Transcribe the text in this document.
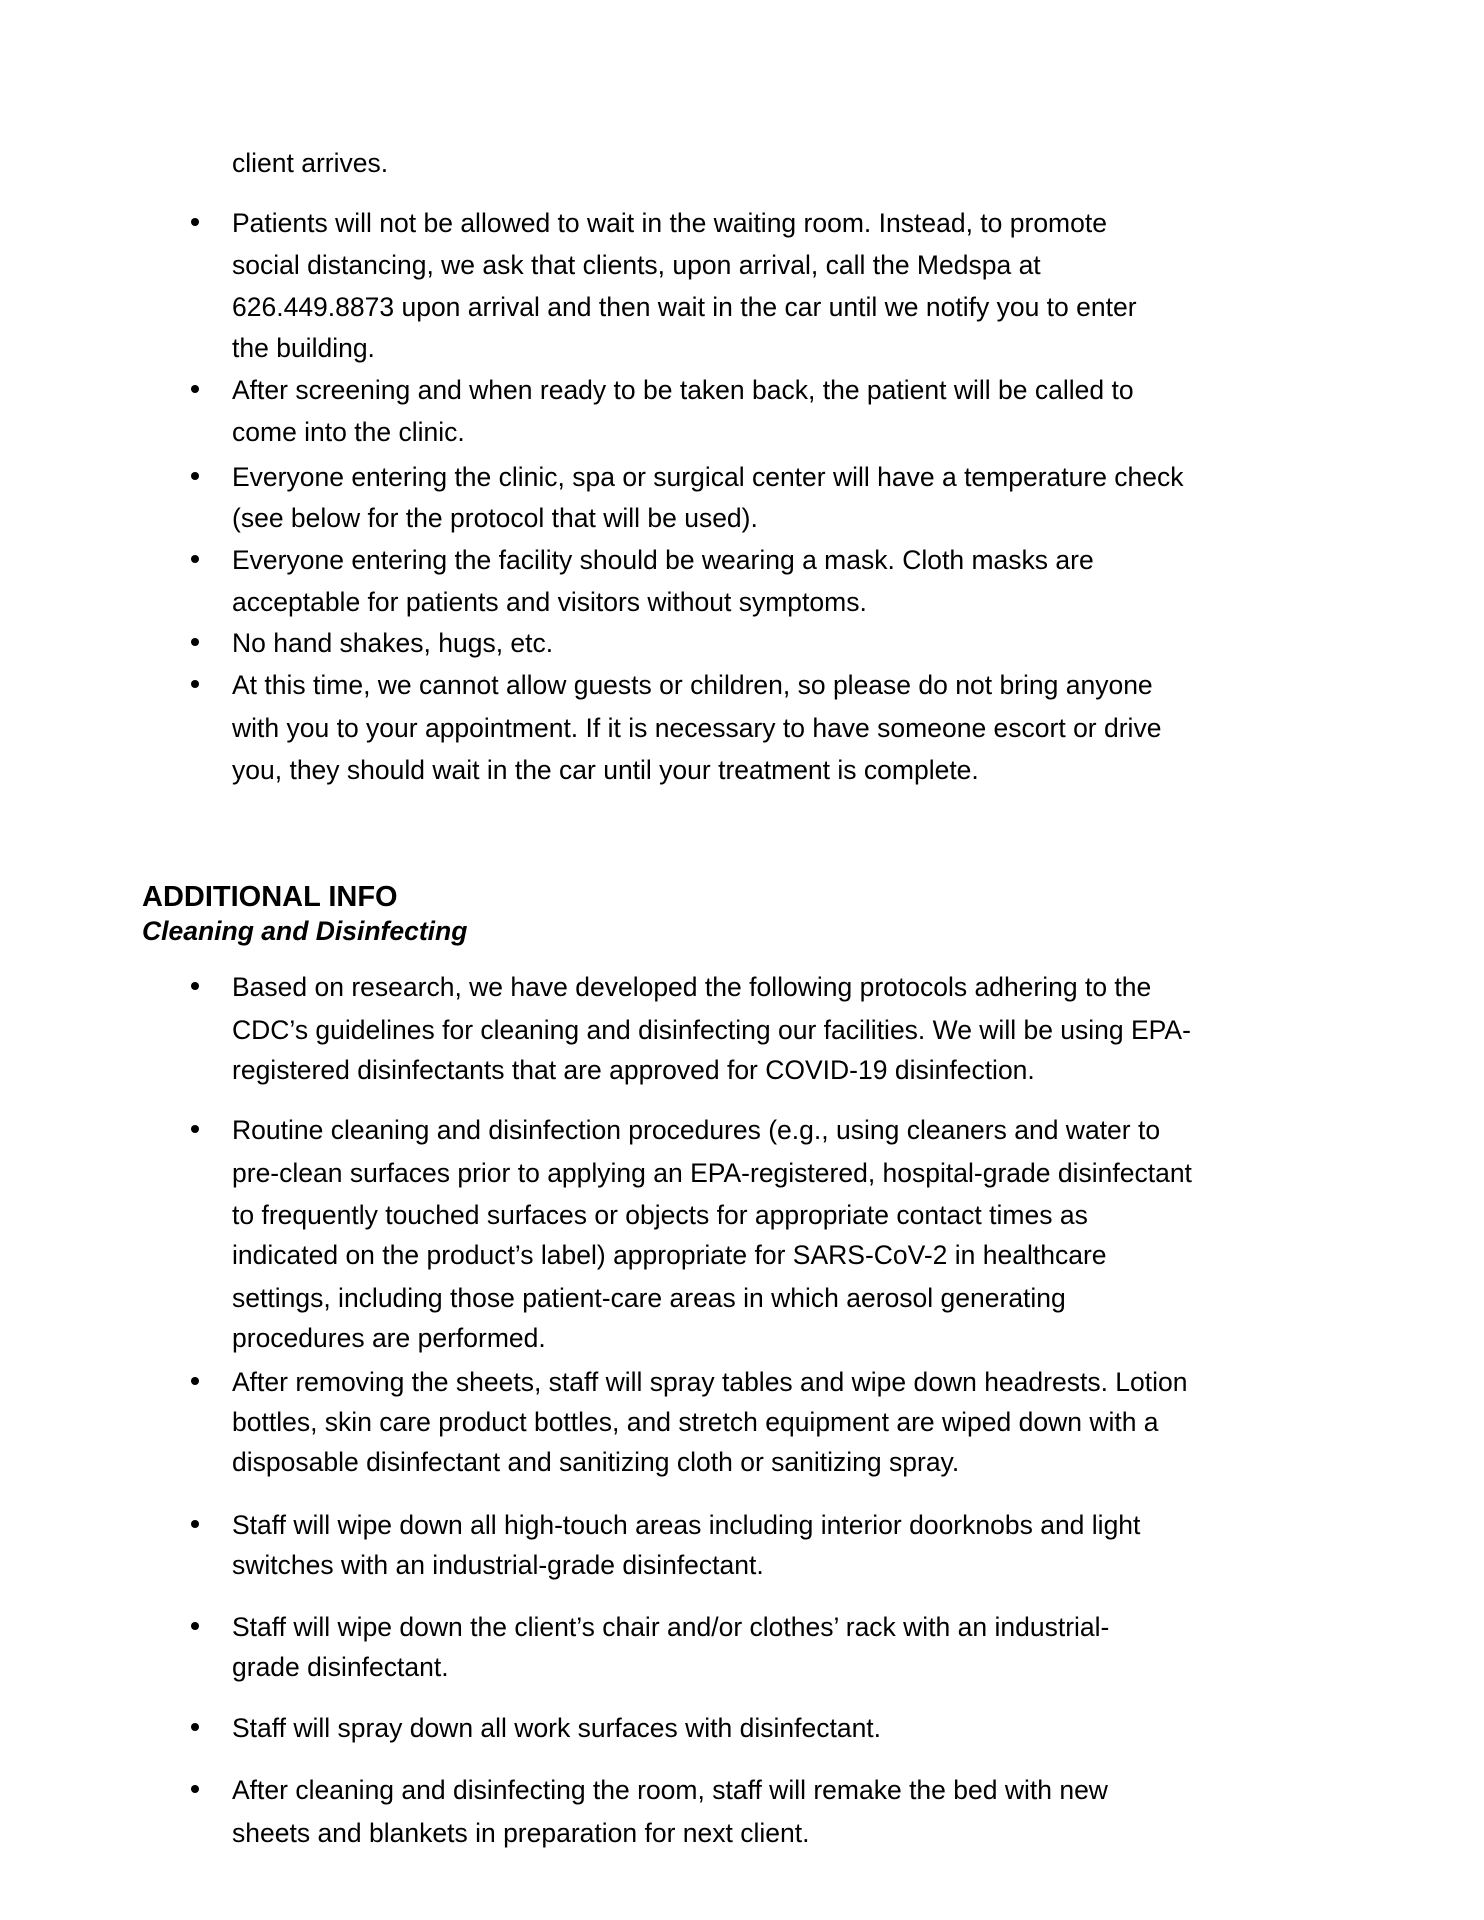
client arrives.
Patients will not be allowed to wait in the waiting room. Instead, to promote
social distancing, we ask that clients, upon arrival, call the Medspa at
626.449.8873 upon arrival and then wait in the car until we notify you to enter
the building.
After screening and when ready to be taken back, the patient will be called to
come into the clinic.
Everyone entering the clinic, spa or surgical center will have a temperature check
(see below for the protocol that will be used).
Everyone entering the facility should be wearing a mask. Cloth masks are
acceptable for patients and visitors without symptoms.
No hand shakes, hugs, etc.
At this time, we cannot allow guests or children, so please do not bring anyone
with you to your appointment. If it is necessary to have someone escort or drive
you, they should wait in the car until your treatment is complete.
ADDITIONAL INFO
Cleaning and Disinfecting
Based on research, we have developed the following protocols adhering to the
CDC’s guidelines for cleaning and disinfecting our facilities. We will be using EPA-
registered disinfectants that are approved for COVID-19 disinfection.
Routine cleaning and disinfection procedures (e.g., using cleaners and water to
pre-clean surfaces prior to applying an EPA-registered, hospital-grade disinfectant
to frequently touched surfaces or objects for appropriate contact times as
indicated on the product’s label) appropriate for SARS-CoV-2 in healthcare
settings, including those patient-care areas in which aerosol generating
procedures are performed.
After removing the sheets, staff will spray tables and wipe down headrests. Lotion
bottles, skin care product bottles, and stretch equipment are wiped down with a
disposable disinfectant and sanitizing cloth or sanitizing spray.
Staff will wipe down all high-touch areas including interior doorknobs and light
switches with an industrial-grade disinfectant.
Staff will wipe down the client’s chair and/or clothes’ rack with an industrial-
grade disinfectant.
Staff will spray down all work surfaces with disinfectant.
After cleaning and disinfecting the room, staff will remake the bed with new
sheets and blankets in preparation for next client.
